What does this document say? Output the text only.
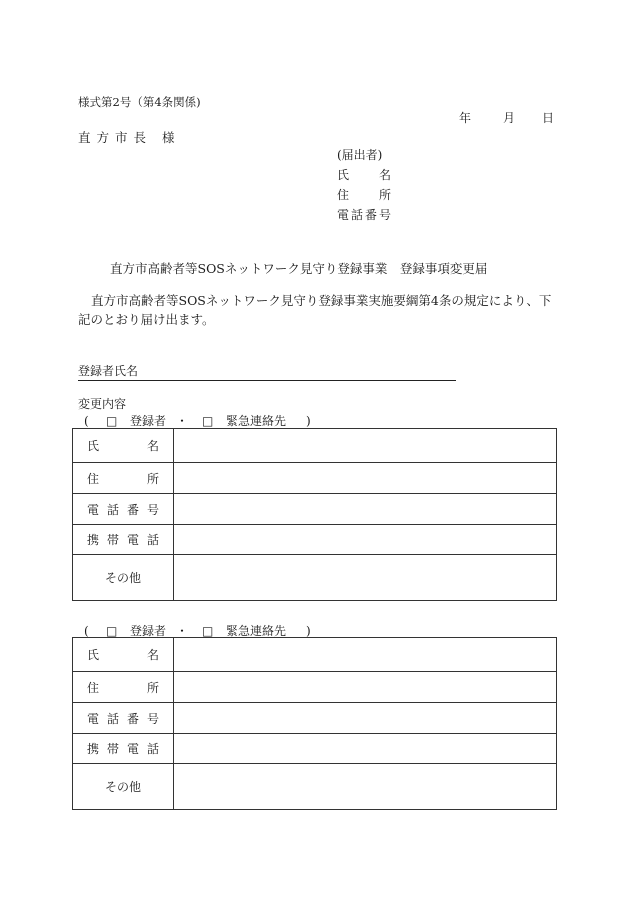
様式第2号（第4条関係)
年	月 日
直方市長 様
(届出者)
氏 名
住 所
電話番号
直方市高齢者等SOSネットワーク見守り登録事業　登録事項変更届
直方市高齢者等SOSネットワーク見守り登録事業実施要綱第4条の規定により、下記のとおり届け出ます。
登録者氏名
変更内容
( □ 登録者 ・ □ 緊急連絡先 )
氏名	

住所	

電話番号	

携帯電話	

その他	

( □ 登録者 ・ □ 緊急連絡先 )
氏名	

住所	

電話番号	

携帯電話	

その他	
